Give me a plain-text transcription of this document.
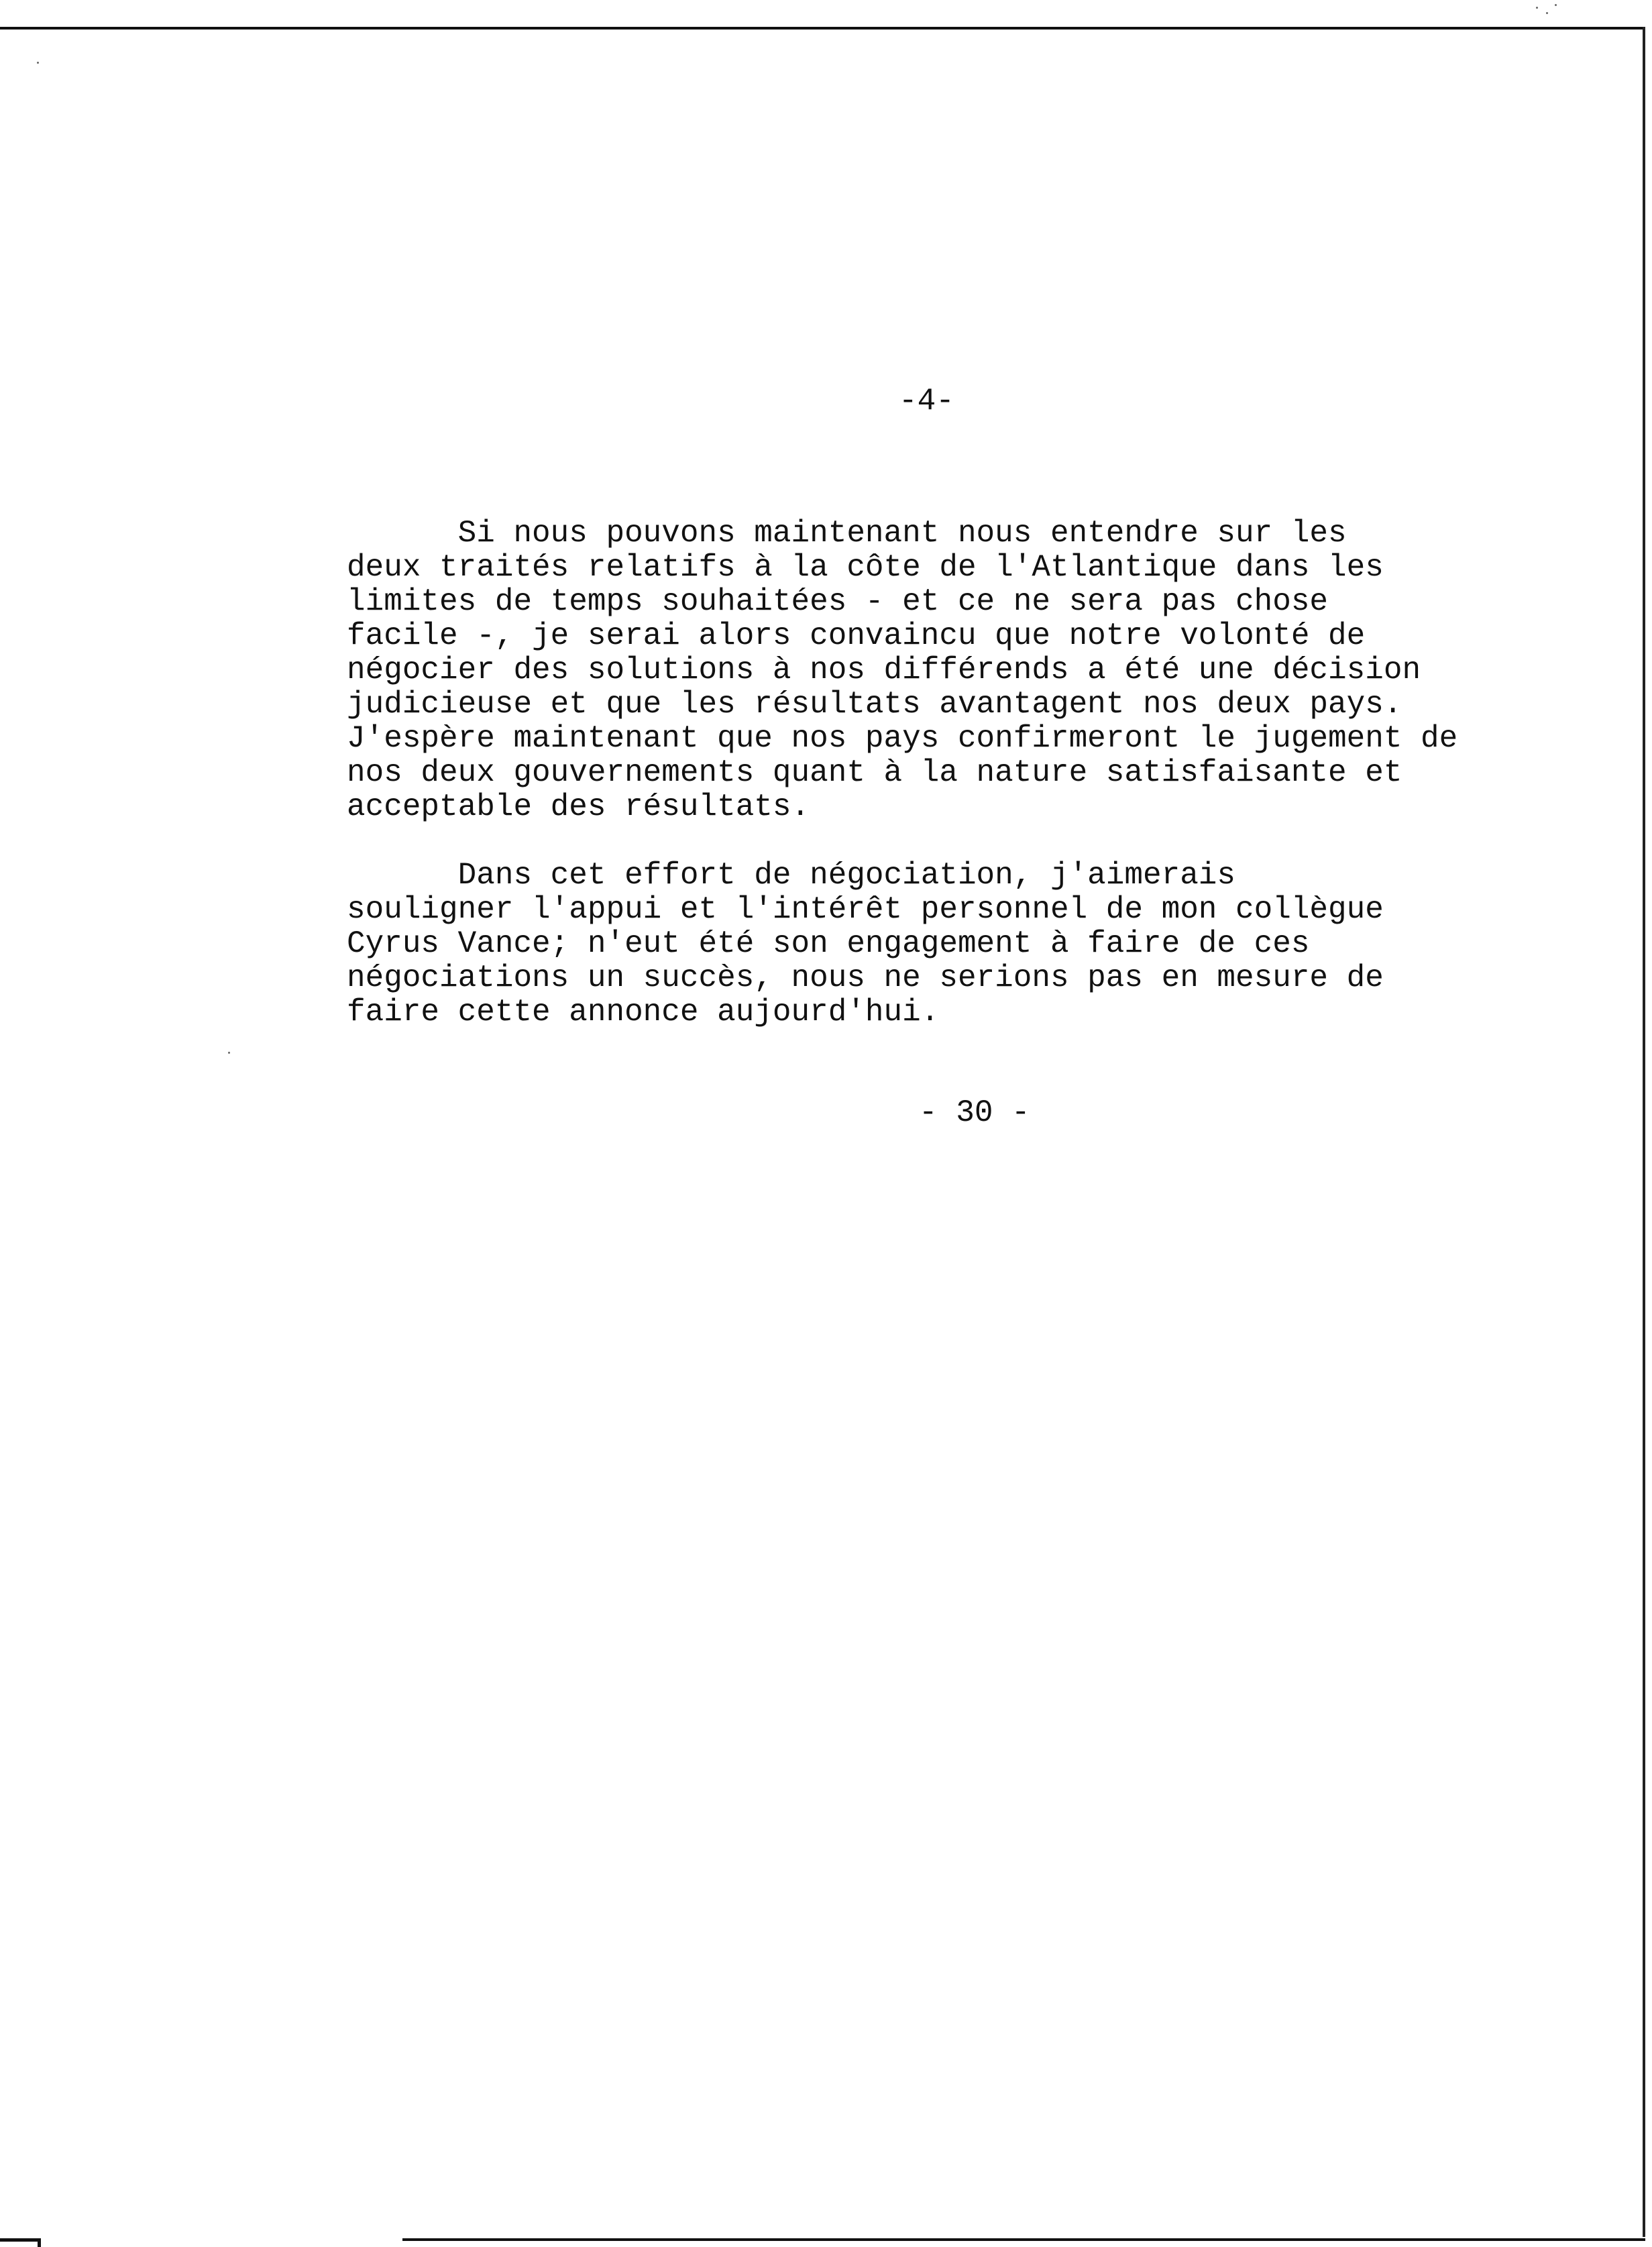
-4-
Si nous pouvons maintenant nous entendre sur les
deux traités relatifs à la côte de l'Atlantique dans les
limites de temps souhaitées - et ce ne sera pas chose
facile -, je serai alors convaincu que notre volonté de
négocier des solutions à nos différends a été une décision
judicieuse et que les résultats avantagent nos deux pays.
J'espère maintenant que nos pays confirmeront le jugement de
nos deux gouvernements quant à la nature satisfaisante et
acceptable des résultats.
Dans cet effort de négociation, j'aimerais
souligner l'appui et l'intérêt personnel de mon collègue
Cyrus Vance; n'eut été son engagement à faire de ces
négociations un succès, nous ne serions pas en mesure de
faire cette annonce aujourd'hui.
- 30 -
